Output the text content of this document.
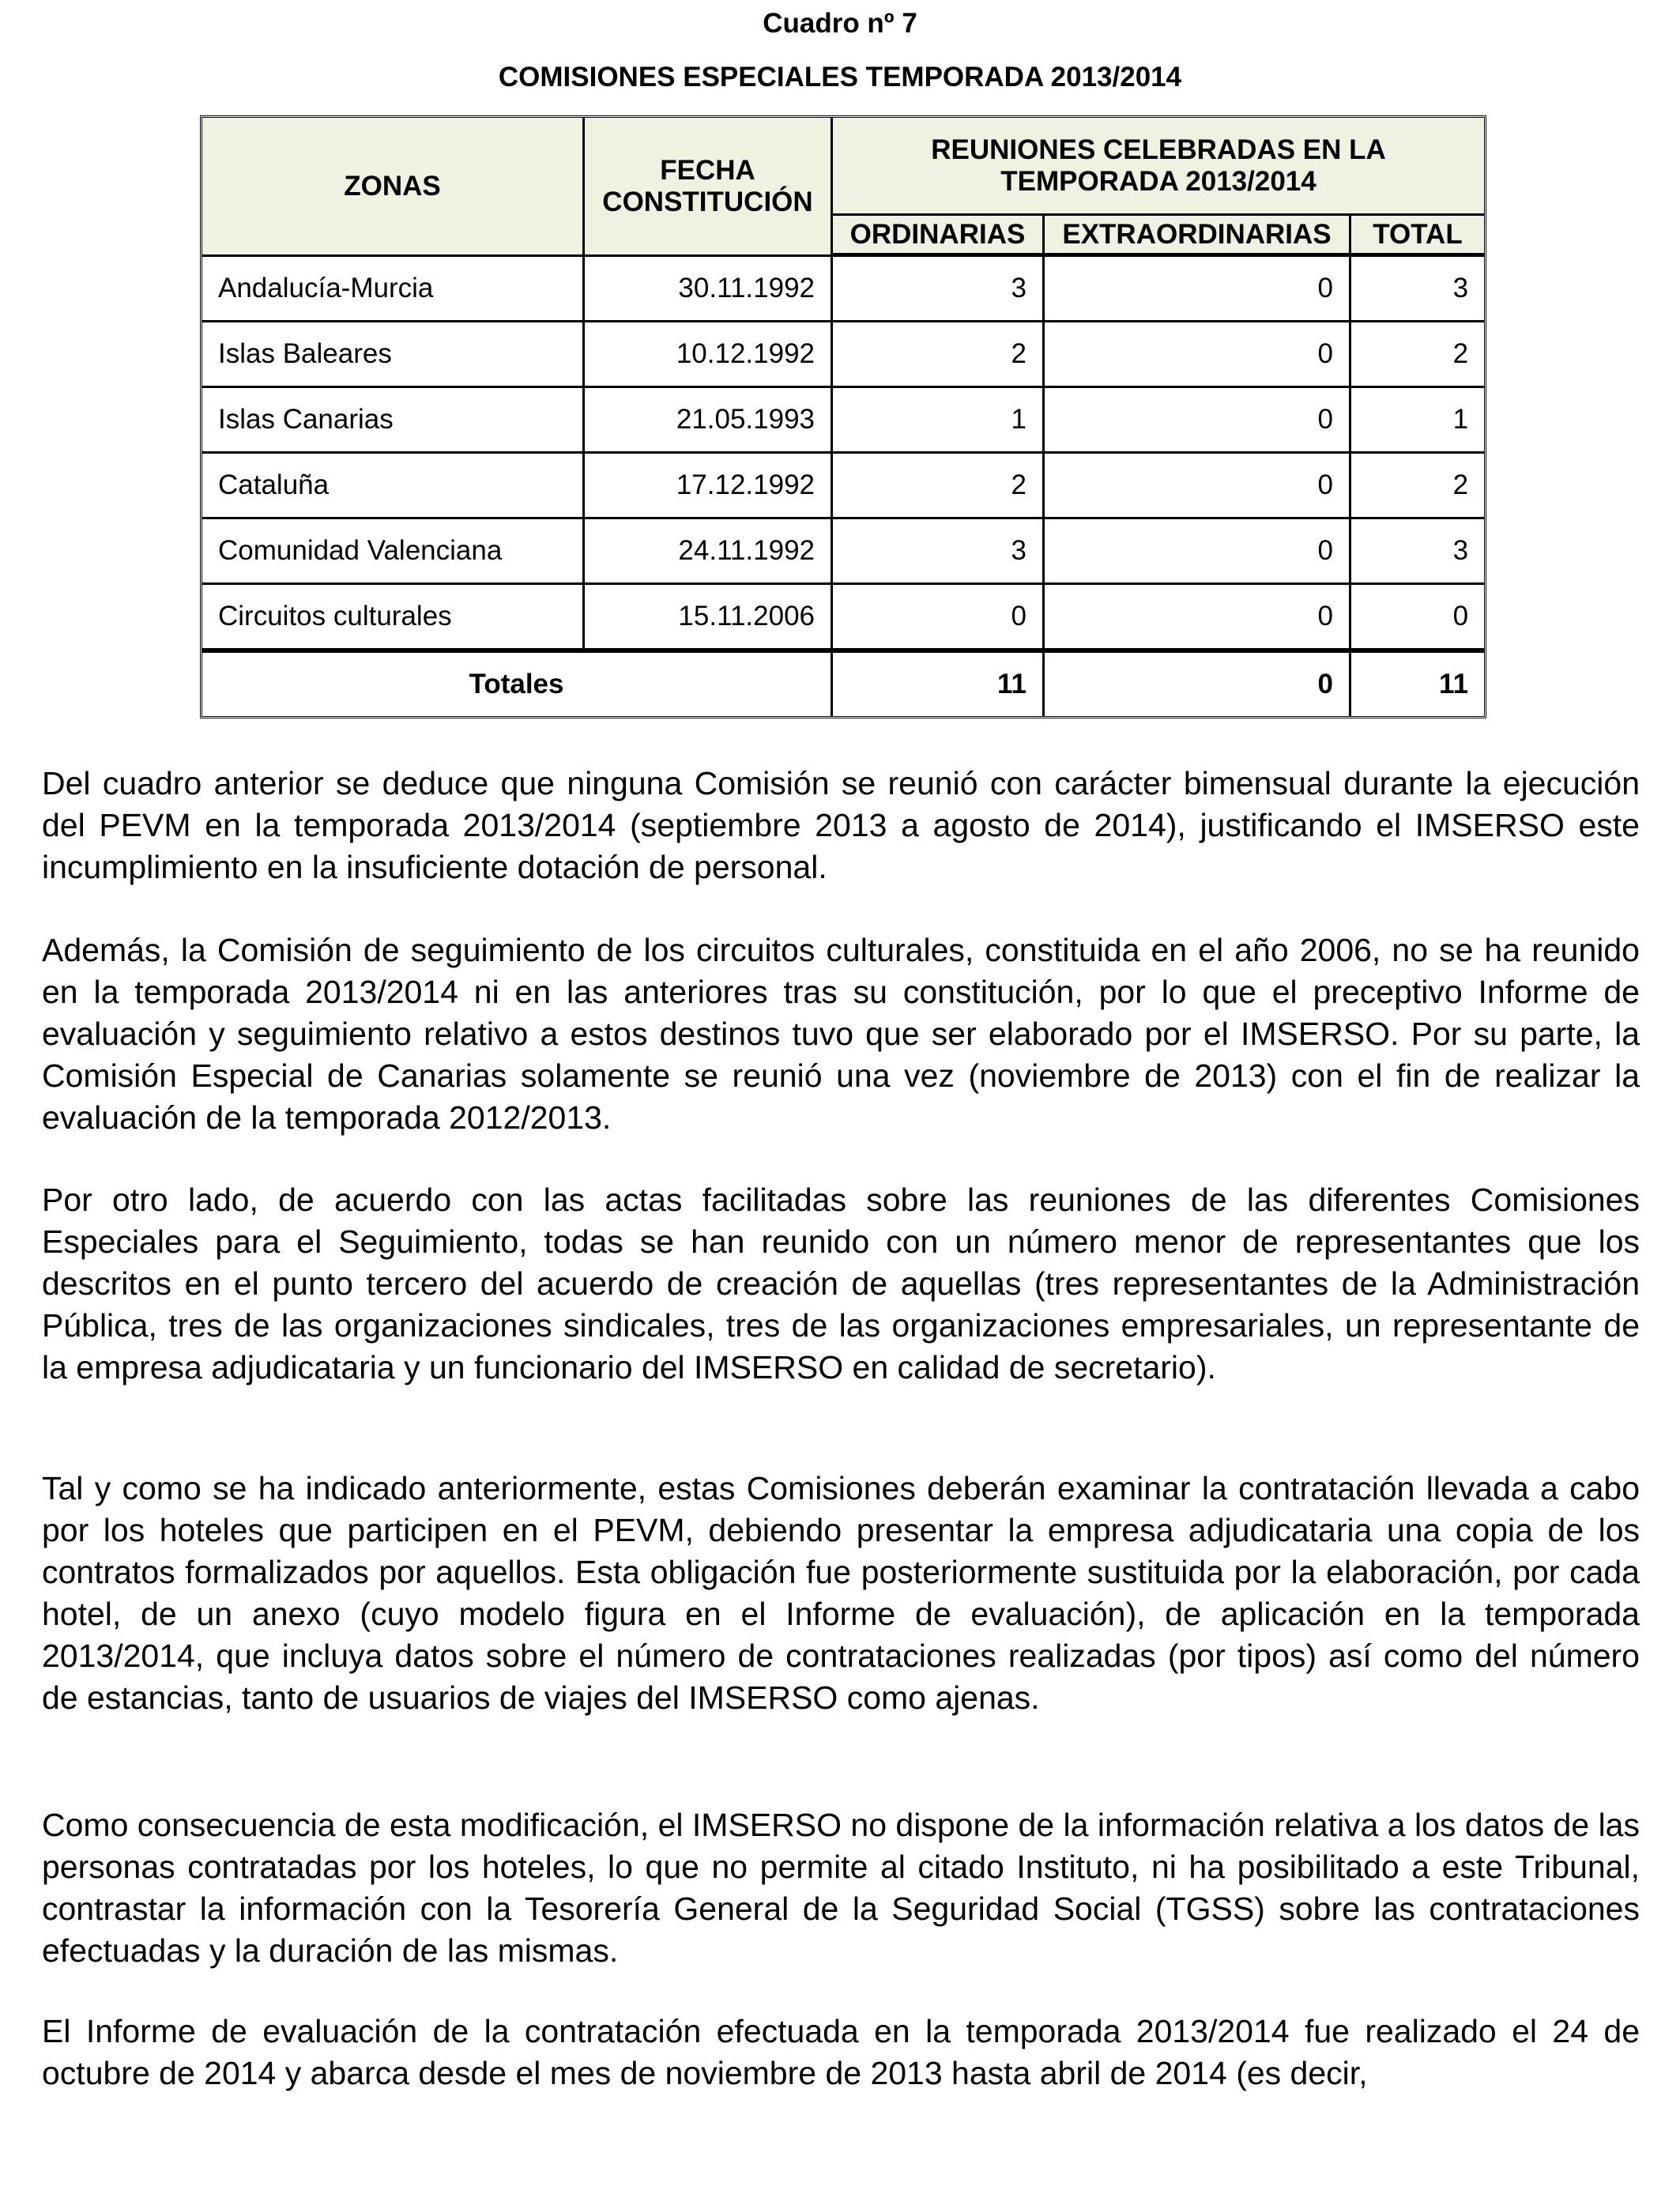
Cuadro nº 7
COMISIONES ESPECIALES TEMPORADA 2013/2014
ZONAS	FECHA CONSTITUCIÓN	REUNIONES CELEBRADAS EN LA TEMPORADA 2013/2014		
		ORDINARIAS	EXTRAORDINARIAS	TOTAL
Andalucía-Murcia	30.11.1992	3	0	3
Islas Baleares	10.12.1992	2	0	2
Islas Canarias	21.05.1993	1	0	1
Cataluña	17.12.1992	2	0	2
Comunidad Valenciana	24.11.1992	3	0	3
Circuitos culturales	15.11.2006	0	0	0
Totales		11	0	11

Del cuadro anterior se deduce que ninguna Comisión se reunió con carácter bimensual durante la ejecución del PEVM en la temporada 2013/2014 (septiembre 2013 a agosto de 2014), justificando el IMSERSO este incumplimiento en la insuficiente dotación de personal.

Además, la Comisión de seguimiento de los circuitos culturales, constituida en el año 2006, no se ha reunido en la temporada 2013/2014 ni en las anteriores tras su constitución, por lo que el preceptivo Informe de evaluación y seguimiento relativo a estos destinos tuvo que ser elaborado por el IMSERSO. Por su parte, la Comisión Especial de Canarias solamente se reunió una vez (noviembre de 2013) con el fin de realizar la evaluación de la temporada 2012/2013.

Por otro lado, de acuerdo con las actas facilitadas sobre las reuniones de las diferentes Comisiones Especiales para el Seguimiento, todas se han reunido con un número menor de representantes que los descritos en el punto tercero del acuerdo de creación de aquellas (tres representantes de la Administración Pública, tres de las organizaciones sindicales, tres de las organizaciones empresariales, un representante de la empresa adjudicataria y un funcionario del IMSERSO en calidad de secretario).

Tal y como se ha indicado anteriormente, estas Comisiones deberán examinar la contratación llevada a cabo por los hoteles que participen en el PEVM, debiendo presentar la empresa adjudicataria una copia de los contratos formalizados por aquellos. Esta obligación fue posteriormente sustituida por la elaboración, por cada hotel, de un anexo (cuyo modelo figura en el Informe de evaluación), de aplicación en la temporada 2013/2014, que incluya datos sobre el número de contrataciones realizadas (por tipos) así como del número de estancias, tanto de usuarios de viajes del IMSERSO como ajenas.

Como consecuencia de esta modificación, el IMSERSO no dispone de la información relativa a los datos de las personas contratadas por los hoteles, lo que no permite al citado Instituto, ni ha posibilitado a este Tribunal, contrastar la información con la Tesorería General de la Seguridad Social (TGSS) sobre las contrataciones efectuadas y la duración de las mismas.

El Informe de evaluación de la contratación efectuada en la temporada 2013/2014 fue realizado el 24 de octubre de 2014 y abarca desde el mes de noviembre de 2013 hasta abril de 2014 (es decir,
